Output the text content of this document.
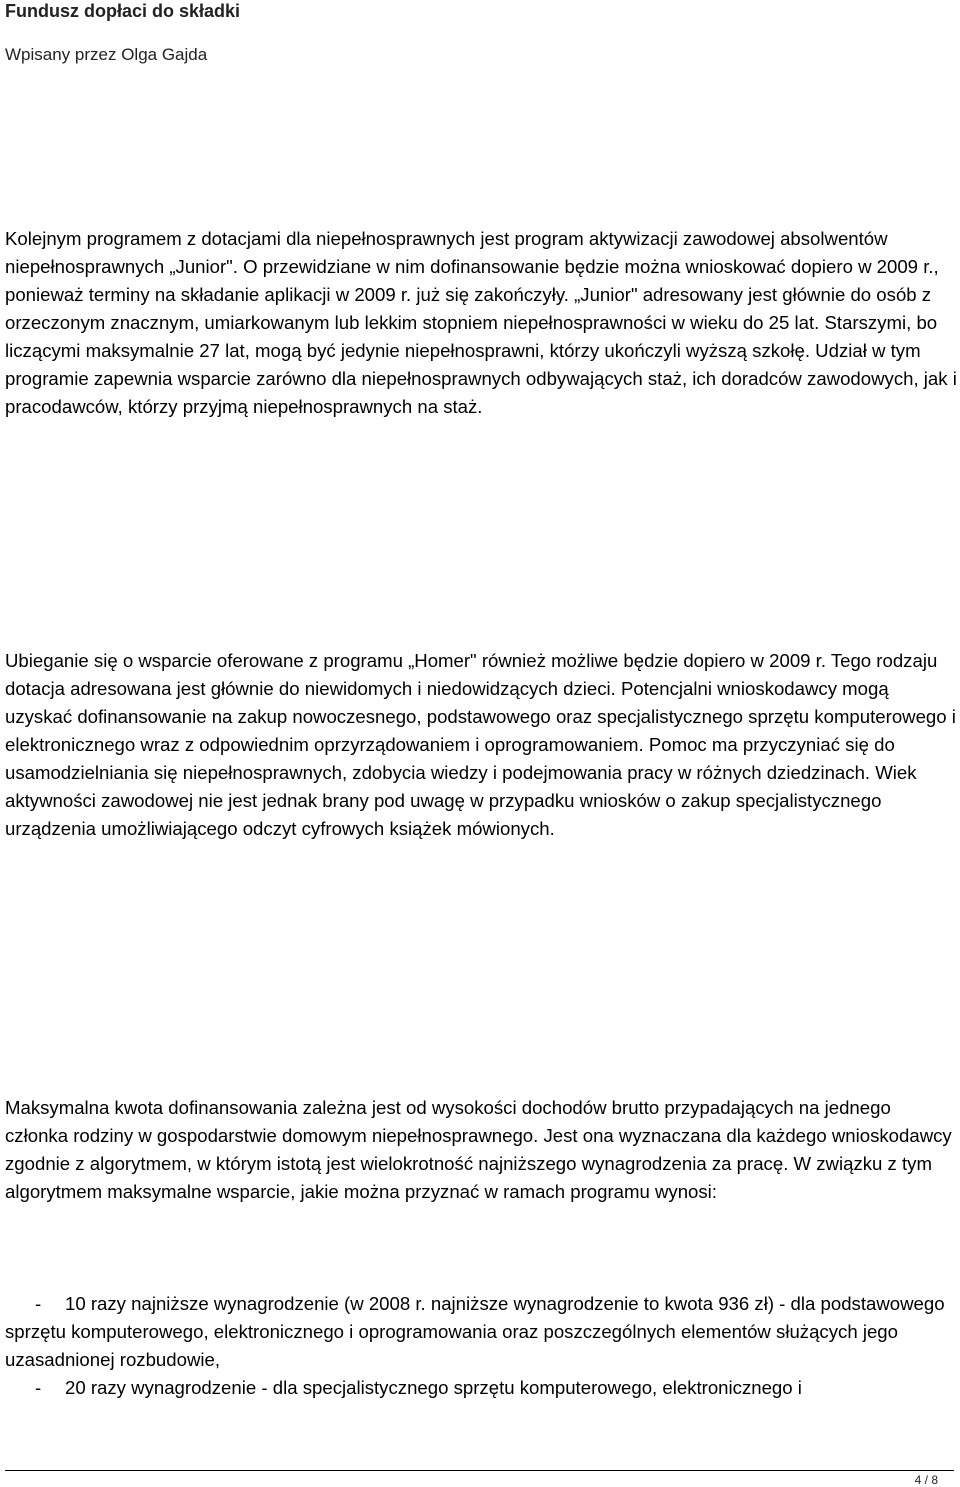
Fundusz dopłaci do składki
Wpisany przez Olga Gajda

Kolejnym programem z dotacjami dla niepełnosprawnych jest program aktywizacji zawodowej absolwentów niepełnosprawnych „Junior". O przewidziane w nim dofinansowanie będzie można wnioskować dopiero w 2009 r., ponieważ terminy na składanie aplikacji w 2009 r. już się zakończyły. „Junior" adresowany jest głównie do osób z orzeczonym znacznym, umiarkowanym lub lekkim stopniem niepełnosprawności w wieku do 25 lat. Starszymi, bo liczącymi maksymalnie 27 lat, mogą być jedynie niepełnosprawni, którzy ukończyli wyższą szkołę. Udział w tym programie zapewnia wsparcie zarówno dla niepełnosprawnych odbywających staż, ich doradców zawodowych, jak i pracodawców, którzy przyjmą niepełnosprawnych na staż.

Ubieganie się o wsparcie oferowane z programu „Homer" również możliwe będzie dopiero w 2009 r. Tego rodzaju dotacja adresowana jest głównie do niewidomych i niedowidzących dzieci. Potencjalni wnioskodawcy mogą uzyskać dofinansowanie na zakup nowoczesnego, podstawowego oraz specjalistycznego sprzętu komputerowego i elektronicznego wraz z odpowiednim oprzyrządowaniem i oprogramowaniem. Pomoc ma przyczyniać się do usamodzielniania się niepełnosprawnych, zdobycia wiedzy i podejmowania pracy w różnych dziedzinach. Wiek aktywności zawodowej nie jest jednak brany pod uwagę w przypadku wniosków o zakup specjalistycznego urządzenia umożliwiającego odczyt cyfrowych książek mówionych.

Maksymalna kwota dofinansowania zależna jest od wysokości dochodów brutto przypadających na jednego członka rodziny w gospodarstwie domowym niepełnosprawnego. Jest ona wyznaczana dla każdego wnioskodawcy zgodnie z algorytmem, w którym istotą jest wielokrotność najniższego wynagrodzenia za pracę. W związku z tym algorytmem maksymalne wsparcie, jakie można przyznać w ramach programu wynosi:

- 10 razy najniższe wynagrodzenie (w 2008 r. najniższe wynagrodzenie to kwota 936 zł) - dla podstawowego sprzętu komputerowego, elektronicznego i oprogramowania oraz poszczególnych elementów służących jego uzasadnionej rozbudowie,

- 20 razy wynagrodzenie - dla specjalistycznego sprzętu komputerowego, elektronicznego i

4 / 8
